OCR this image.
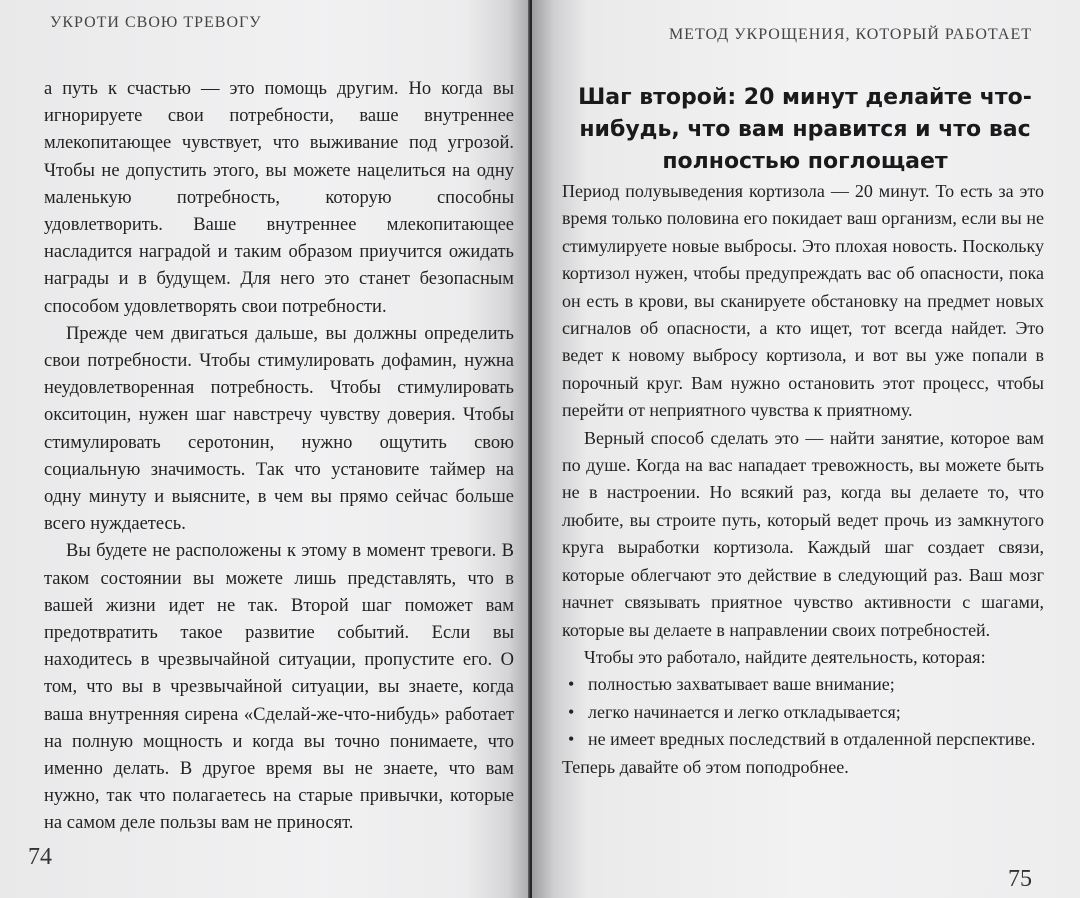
УКРОТИ СВОЮ ТРЕВОГУ

а путь к счастью — это помощь другим. Но когда вы игнорируете свои потребности, ваше внутреннее млекопитающее чувствует, что выживание под угрозой. Чтобы не допустить этого, вы можете нацелиться на одну маленькую потребность, которую способны удовлетворить. Ваше внутреннее млекопитающее насладится наградой и таким образом приучится ожидать награды и в будущем. Для него это станет безопасным способом удовлетворять свои потребности.

Прежде чем двигаться дальше, вы должны определить свои потребности. Чтобы стимулировать дофамин, нужна неудовлетворенная потребность. Чтобы стимулировать окситоцин, нужен шаг навстречу чувству доверия. Чтобы стимулировать серотонин, нужно ощутить свою социальную значимость. Так что установите таймер на одну минуту и выясните, в чем вы прямо сейчас больше всего нуждаетесь.

Вы будете не расположены к этому в момент тревоги. В таком состоянии вы можете лишь представлять, что в вашей жизни идет не так. Второй шаг поможет вам предотвратить такое развитие событий. Если вы находитесь в чрезвычайной ситуации, пропустите его. О том, что вы в чрезвычайной ситуации, вы знаете, когда ваша внутренняя сирена «Сделай-же-что-нибудь» работает на полную мощность и когда вы точно понимаете, что именно делать. В другое время вы не знаете, что вам нужно, так что полагаетесь на старые привычки, которые на самом деле пользы вам не приносят.

74
МЕТОД УКРОЩЕНИЯ, КОТОРЫЙ РАБОТАЕТ
Шаг второй: 20 минут делайте что-нибудь, что вам нравится и что вас полностью поглощает

Период полувыведения кортизола — 20 минут. То есть за это время только половина его покидает ваш организм, если вы не стимулируете новые выбросы. Это плохая новость. Поскольку кортизол нужен, чтобы предупреждать вас об опасности, пока он есть в крови, вы сканируете обстановку на предмет новых сигналов об опасности, а кто ищет, тот всегда найдет. Это ведет к новому выбросу кортизола, и вот вы уже попали в порочный круг. Вам нужно остановить этот процесс, чтобы перейти от неприятного чувства к приятному.

Верный способ сделать это — найти занятие, которое вам по душе. Когда на вас нападает тревожность, вы можете быть не в настроении. Но всякий раз, когда вы делаете то, что любите, вы строите путь, который ведет прочь из замкнутого круга выработки кортизола. Каждый шаг создает связи, которые облегчают это действие в следующий раз. Ваш мозг начнет связывать приятное чувство активности с шагами, которые вы делаете в направлении своих потребностей.

Чтобы это работало, найдите деятельность, которая:

• полностью захватывает ваше внимание;
• легко начинается и легко откладывается;
• не имеет вредных последствий в отдаленной перспективе.

Теперь давайте об этом поподробнее.

75
